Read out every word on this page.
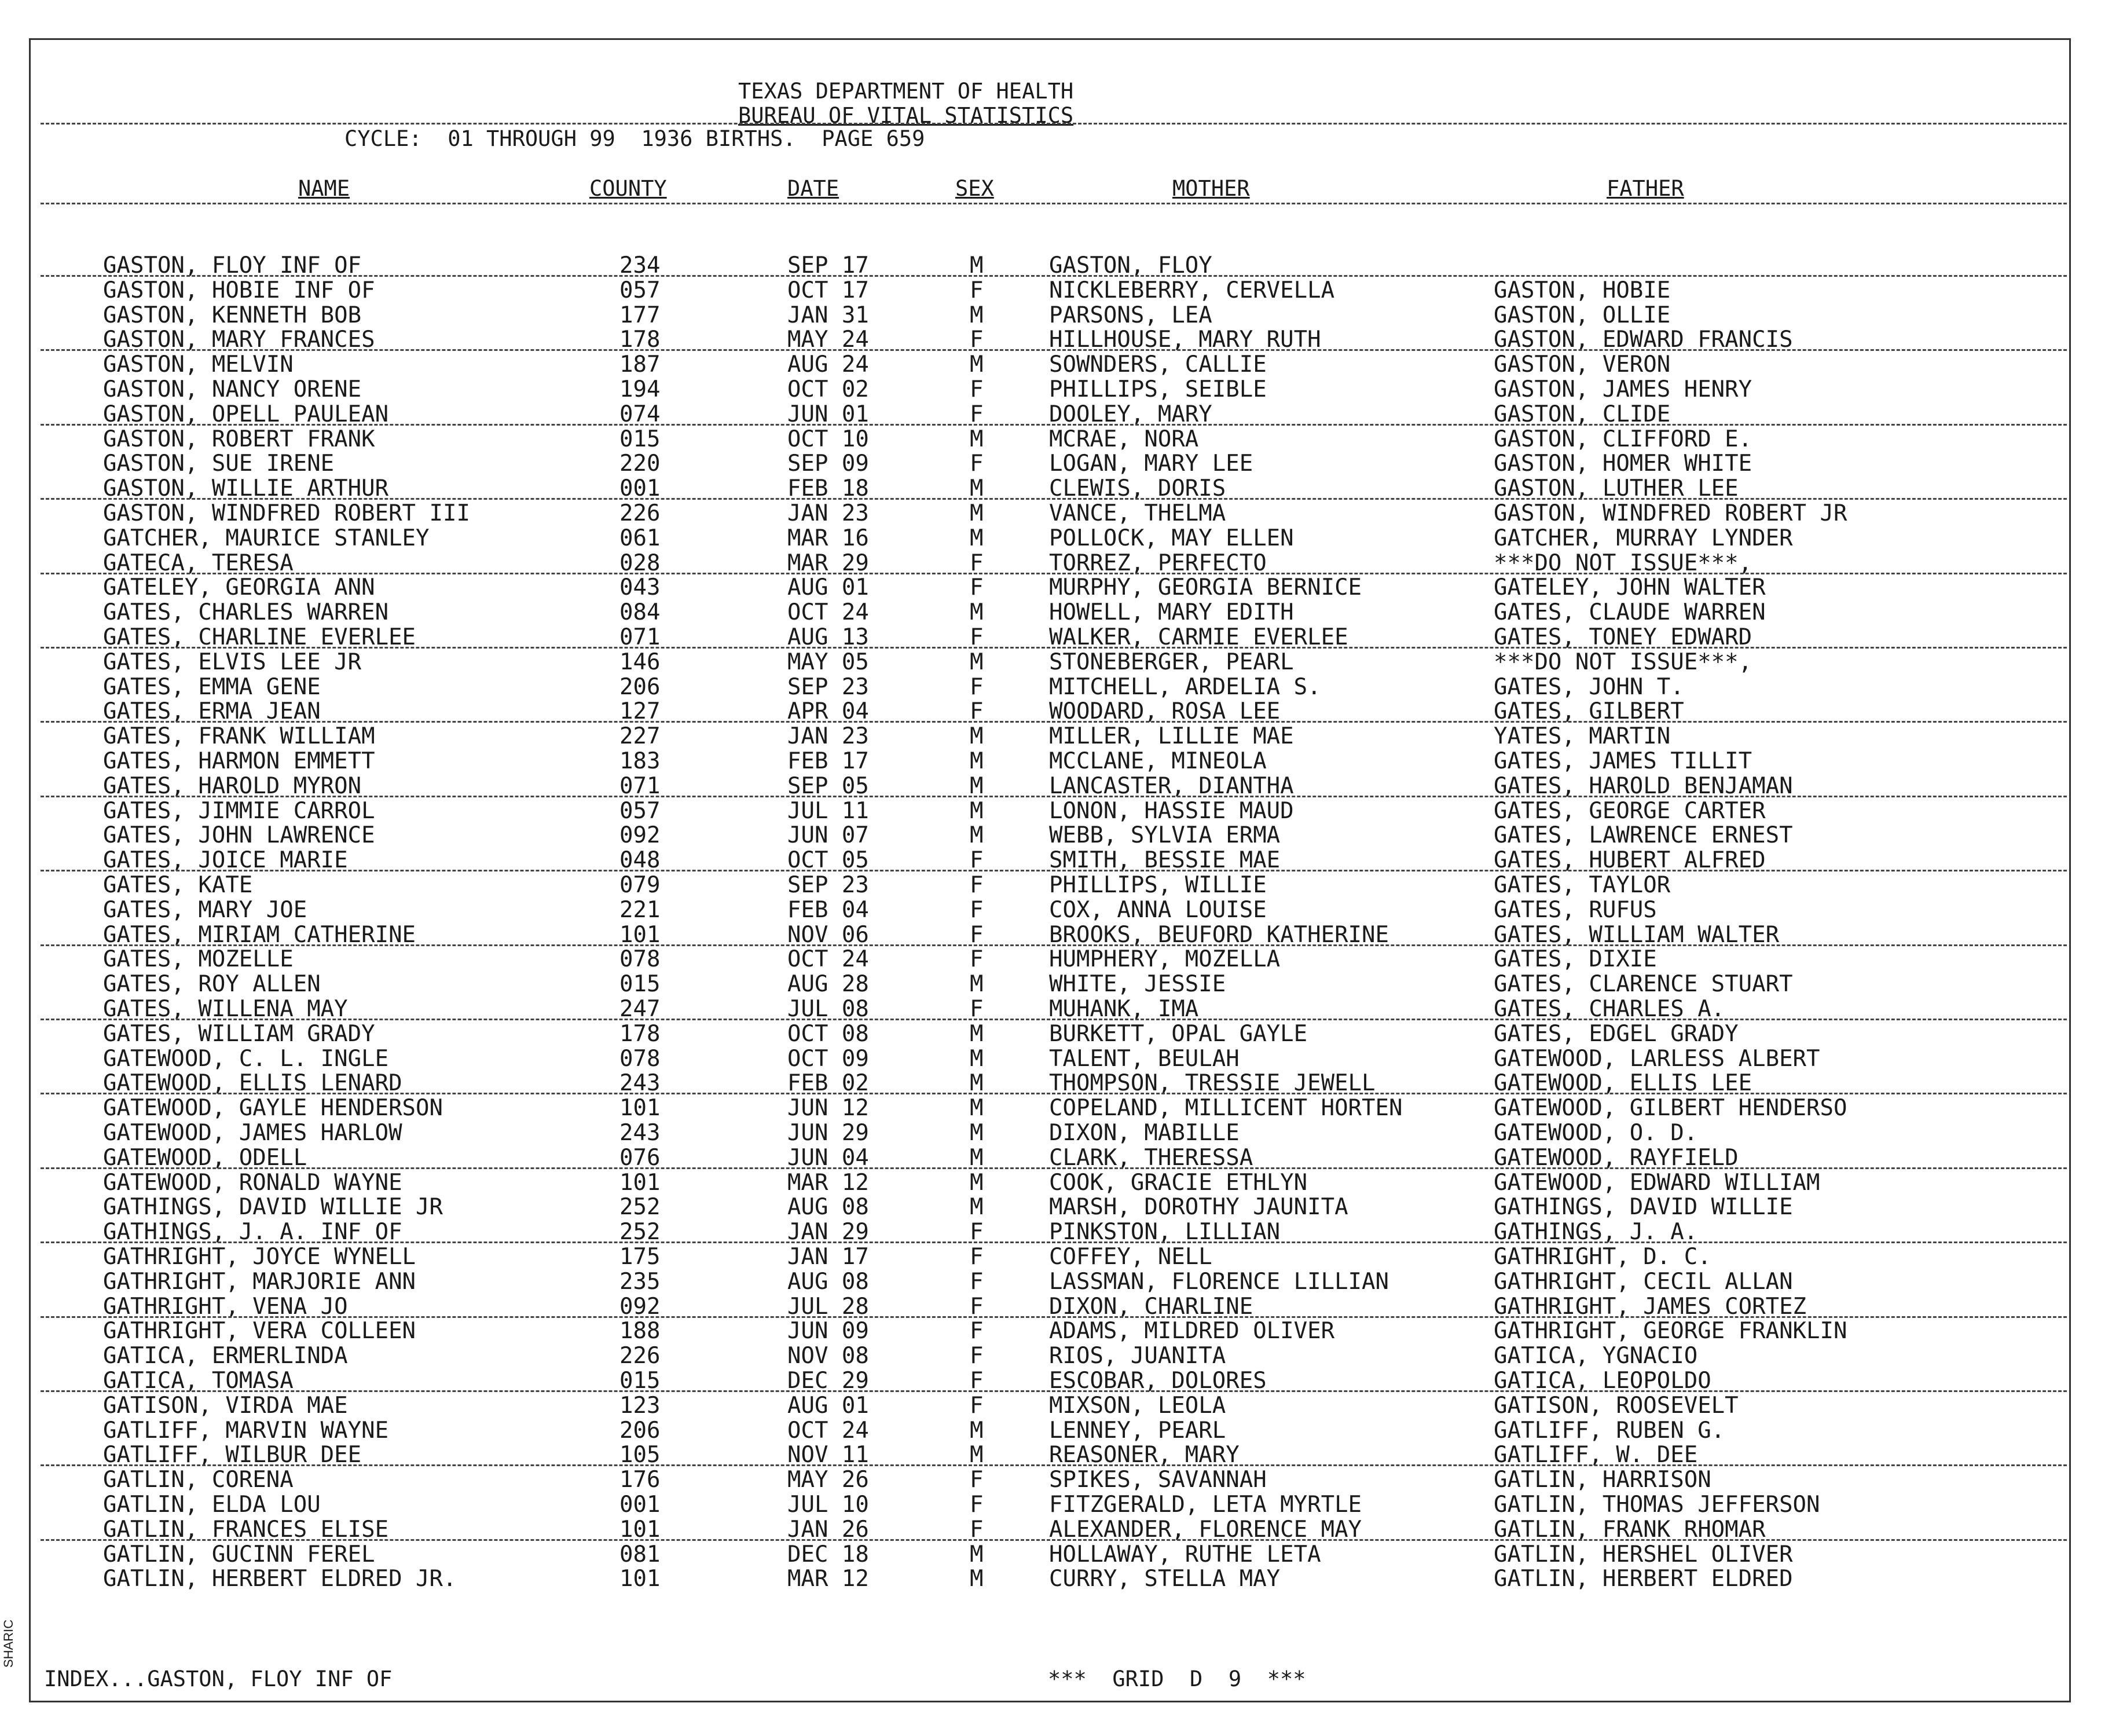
TEXAS DEPARTMENT OF HEALTH
BUREAU OF VITAL STATISTICS
CYCLE:  01 THROUGH 99  1936 BIRTHS.  PAGE 659
NAME	COUNTY	DATE	SEX	MOTHER	FATHER
GASTON, FLOY INF OF	234	SEP 17	M	GASTON, FLOY
GASTON, HOBIE INF OF	057	OCT 17	F	NICKLEBERRY, CERVELLA	GASTON, HOBIE
GASTON, KENNETH BOB	177	JAN 31	M	PARSONS, LEA	GASTON, OLLIE
GASTON, MARY FRANCES	178	MAY 24	F	HILLHOUSE, MARY RUTH	GASTON, EDWARD FRANCIS
GASTON, MELVIN	187	AUG 24	M	SOWNDERS, CALLIE	GASTON, VERON
GASTON, NANCY ORENE	194	OCT 02	F	PHILLIPS, SEIBLE	GASTON, JAMES HENRY
GASTON, OPELL PAULEAN	074	JUN 01	F	DOOLEY, MARY	GASTON, CLIDE
GASTON, ROBERT FRANK	015	OCT 10	M	MCRAE, NORA	GASTON, CLIFFORD E.
GASTON, SUE IRENE	220	SEP 09	F	LOGAN, MARY LEE	GASTON, HOMER WHITE
GASTON, WILLIE ARTHUR	001	FEB 18	M	CLEWIS, DORIS	GASTON, LUTHER LEE
GASTON, WINDFRED ROBERT III	226	JAN 23	M	VANCE, THELMA	GASTON, WINDFRED ROBERT JR
GATCHER, MAURICE STANLEY	061	MAR 16	M	POLLOCK, MAY ELLEN	GATCHER, MURRAY LYNDER
GATECA, TERESA	028	MAR 29	F	TORREZ, PERFECTO	***DO NOT ISSUE***,
GATELEY, GEORGIA ANN	043	AUG 01	F	MURPHY, GEORGIA BERNICE	GATELEY, JOHN WALTER
GATES, CHARLES WARREN	084	OCT 24	M	HOWELL, MARY EDITH	GATES, CLAUDE WARREN
GATES, CHARLINE EVERLEE	071	AUG 13	F	WALKER, CARMIE EVERLEE	GATES, TONEY EDWARD
GATES, ELVIS LEE JR	146	MAY 05	M	STONEBERGER, PEARL	***DO NOT ISSUE***,
GATES, EMMA GENE	206	SEP 23	F	MITCHELL, ARDELIA S.	GATES, JOHN T.
GATES, ERMA JEAN	127	APR 04	F	WOODARD, ROSA LEE	GATES, GILBERT
GATES, FRANK WILLIAM	227	JAN 23	M	MILLER, LILLIE MAE	YATES, MARTIN
GATES, HARMON EMMETT	183	FEB 17	M	MCCLANE, MINEOLA	GATES, JAMES TILLIT
GATES, HAROLD MYRON	071	SEP 05	M	LANCASTER, DIANTHA	GATES, HAROLD BENJAMAN
GATES, JIMMIE CARROL	057	JUL 11	M	LONON, HASSIE MAUD	GATES, GEORGE CARTER
GATES, JOHN LAWRENCE	092	JUN 07	M	WEBB, SYLVIA ERMA	GATES, LAWRENCE ERNEST
GATES, JOICE MARIE	048	OCT 05	F	SMITH, BESSIE MAE	GATES, HUBERT ALFRED
GATES, KATE	079	SEP 23	F	PHILLIPS, WILLIE	GATES, TAYLOR
GATES, MARY JOE	221	FEB 04	F	COX, ANNA LOUISE	GATES, RUFUS
GATES, MIRIAM CATHERINE	101	NOV 06	F	BROOKS, BEUFORD KATHERINE	GATES, WILLIAM WALTER
GATES, MOZELLE	078	OCT 24	F	HUMPHERY, MOZELLA	GATES, DIXIE
GATES, ROY ALLEN	015	AUG 28	M	WHITE, JESSIE	GATES, CLARENCE STUART
GATES, WILLENA MAY	247	JUL 08	F	MUHANK, IMA	GATES, CHARLES A.
GATES, WILLIAM GRADY	178	OCT 08	M	BURKETT, OPAL GAYLE	GATES, EDGEL GRADY
GATEWOOD, C. L. INGLE	078	OCT 09	M	TALENT, BEULAH	GATEWOOD, LARLESS ALBERT
GATEWOOD, ELLIS LENARD	243	FEB 02	M	THOMPSON, TRESSIE JEWELL	GATEWOOD, ELLIS LEE
GATEWOOD, GAYLE HENDERSON	101	JUN 12	M	COPELAND, MILLICENT HORTEN	GATEWOOD, GILBERT HENDERSO
GATEWOOD, JAMES HARLOW	243	JUN 29	M	DIXON, MABILLE	GATEWOOD, O. D.
GATEWOOD, ODELL	076	JUN 04	M	CLARK, THERESSA	GATEWOOD, RAYFIELD
GATEWOOD, RONALD WAYNE	101	MAR 12	M	COOK, GRACIE ETHLYN	GATEWOOD, EDWARD WILLIAM
GATHINGS, DAVID WILLIE JR	252	AUG 08	M	MARSH, DOROTHY JAUNITA	GATHINGS, DAVID WILLIE
GATHINGS, J. A. INF OF	252	JAN 29	F	PINKSTON, LILLIAN	GATHINGS, J. A.
GATHRIGHT, JOYCE WYNELL	175	JAN 17	F	COFFEY, NELL	GATHRIGHT, D. C.
GATHRIGHT, MARJORIE ANN	235	AUG 08	F	LASSMAN, FLORENCE LILLIAN	GATHRIGHT, CECIL ALLAN
GATHRIGHT, VENA JO	092	JUL 28	F	DIXON, CHARLINE	GATHRIGHT, JAMES CORTEZ
GATHRIGHT, VERA COLLEEN	188	JUN 09	F	ADAMS, MILDRED OLIVER	GATHRIGHT, GEORGE FRANKLIN
GATICA, ERMERLINDA	226	NOV 08	F	RIOS, JUANITA	GATICA, YGNACIO
GATICA, TOMASA	015	DEC 29	F	ESCOBAR, DOLORES	GATICA, LEOPOLDO
GATISON, VIRDA MAE	123	AUG 01	F	MIXSON, LEOLA	GATISON, ROOSEVELT
GATLIFF, MARVIN WAYNE	206	OCT 24	M	LENNEY, PEARL	GATLIFF, RUBEN G.
GATLIFF, WILBUR DEE	105	NOV 11	M	REASONER, MARY	GATLIFF, W. DEE
GATLIN, CORENA	176	MAY 26	F	SPIKES, SAVANNAH	GATLIN, HARRISON
GATLIN, ELDA LOU	001	JUL 10	F	FITZGERALD, LETA MYRTLE	GATLIN, THOMAS JEFFERSON
GATLIN, FRANCES ELISE	101	JAN 26	F	ALEXANDER, FLORENCE MAY	GATLIN, FRANK RHOMAR
GATLIN, GUCINN FEREL	081	DEC 18	M	HOLLAWAY, RUTHE LETA	GATLIN, HERSHEL OLIVER
GATLIN, HERBERT ELDRED JR.	101	MAR 12	M	CURRY, STELLA MAY	GATLIN, HERBERT ELDRED
INDEX...GASTON, FLOY INF OF	***  GRID  D  9  ***
SHARIC
